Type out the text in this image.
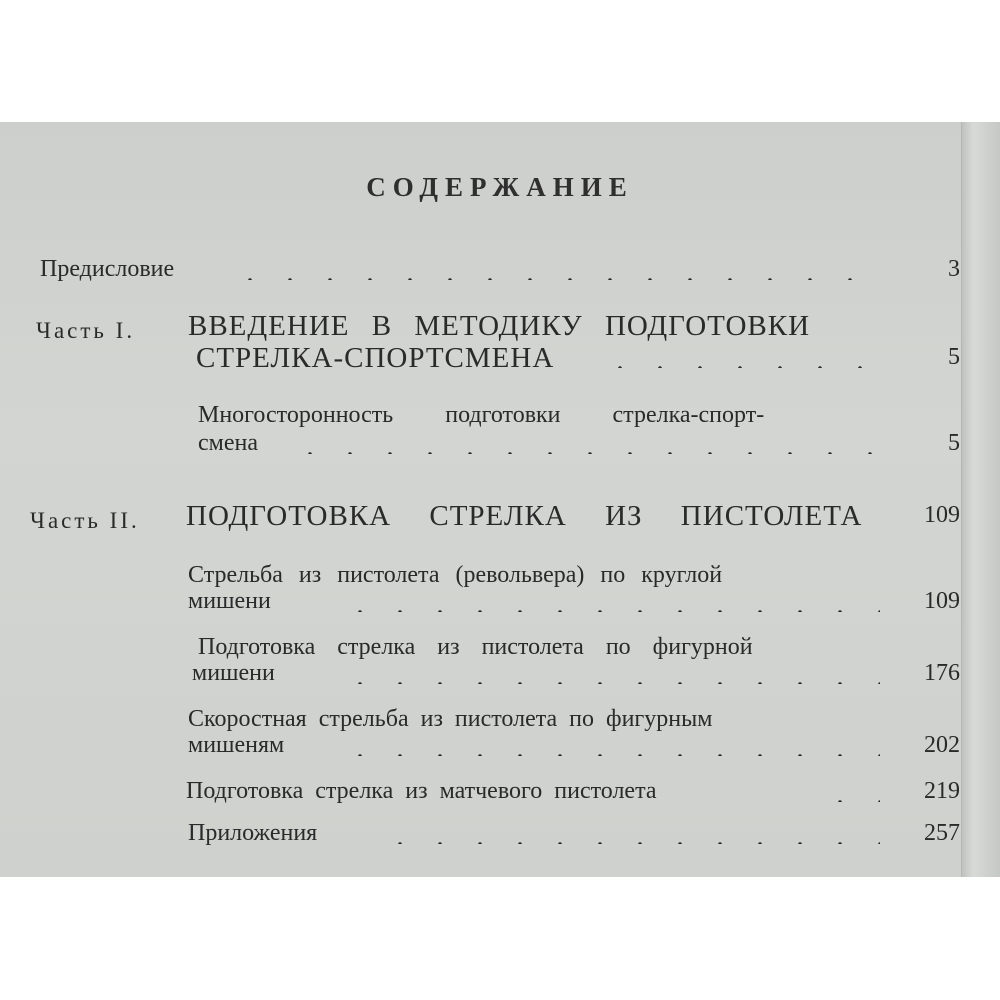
СОДЕРЖАНИЕ
Предисловие	3
Часть I. ВВЕДЕНИЕ В МЕТОДИКУ ПОДГОТОВКИ
СТРЕЛКА-СПОРТСМЕНА	5
Многосторонность подготовки стрелка-спорт-
смена	5
Часть II. ПОДГОТОВКА СТРЕЛКА ИЗ ПИСТОЛЕТА	109
Стрельба из пистолета (револьвера) по круглой
мишени	109
Подготовка стрелка из пистолета по фигурной
мишени	176
Скоростная стрельба из пистолета по фигурным
мишеням	202
Подготовка стрелка из матчевого пистолета	219
Приложения	257
